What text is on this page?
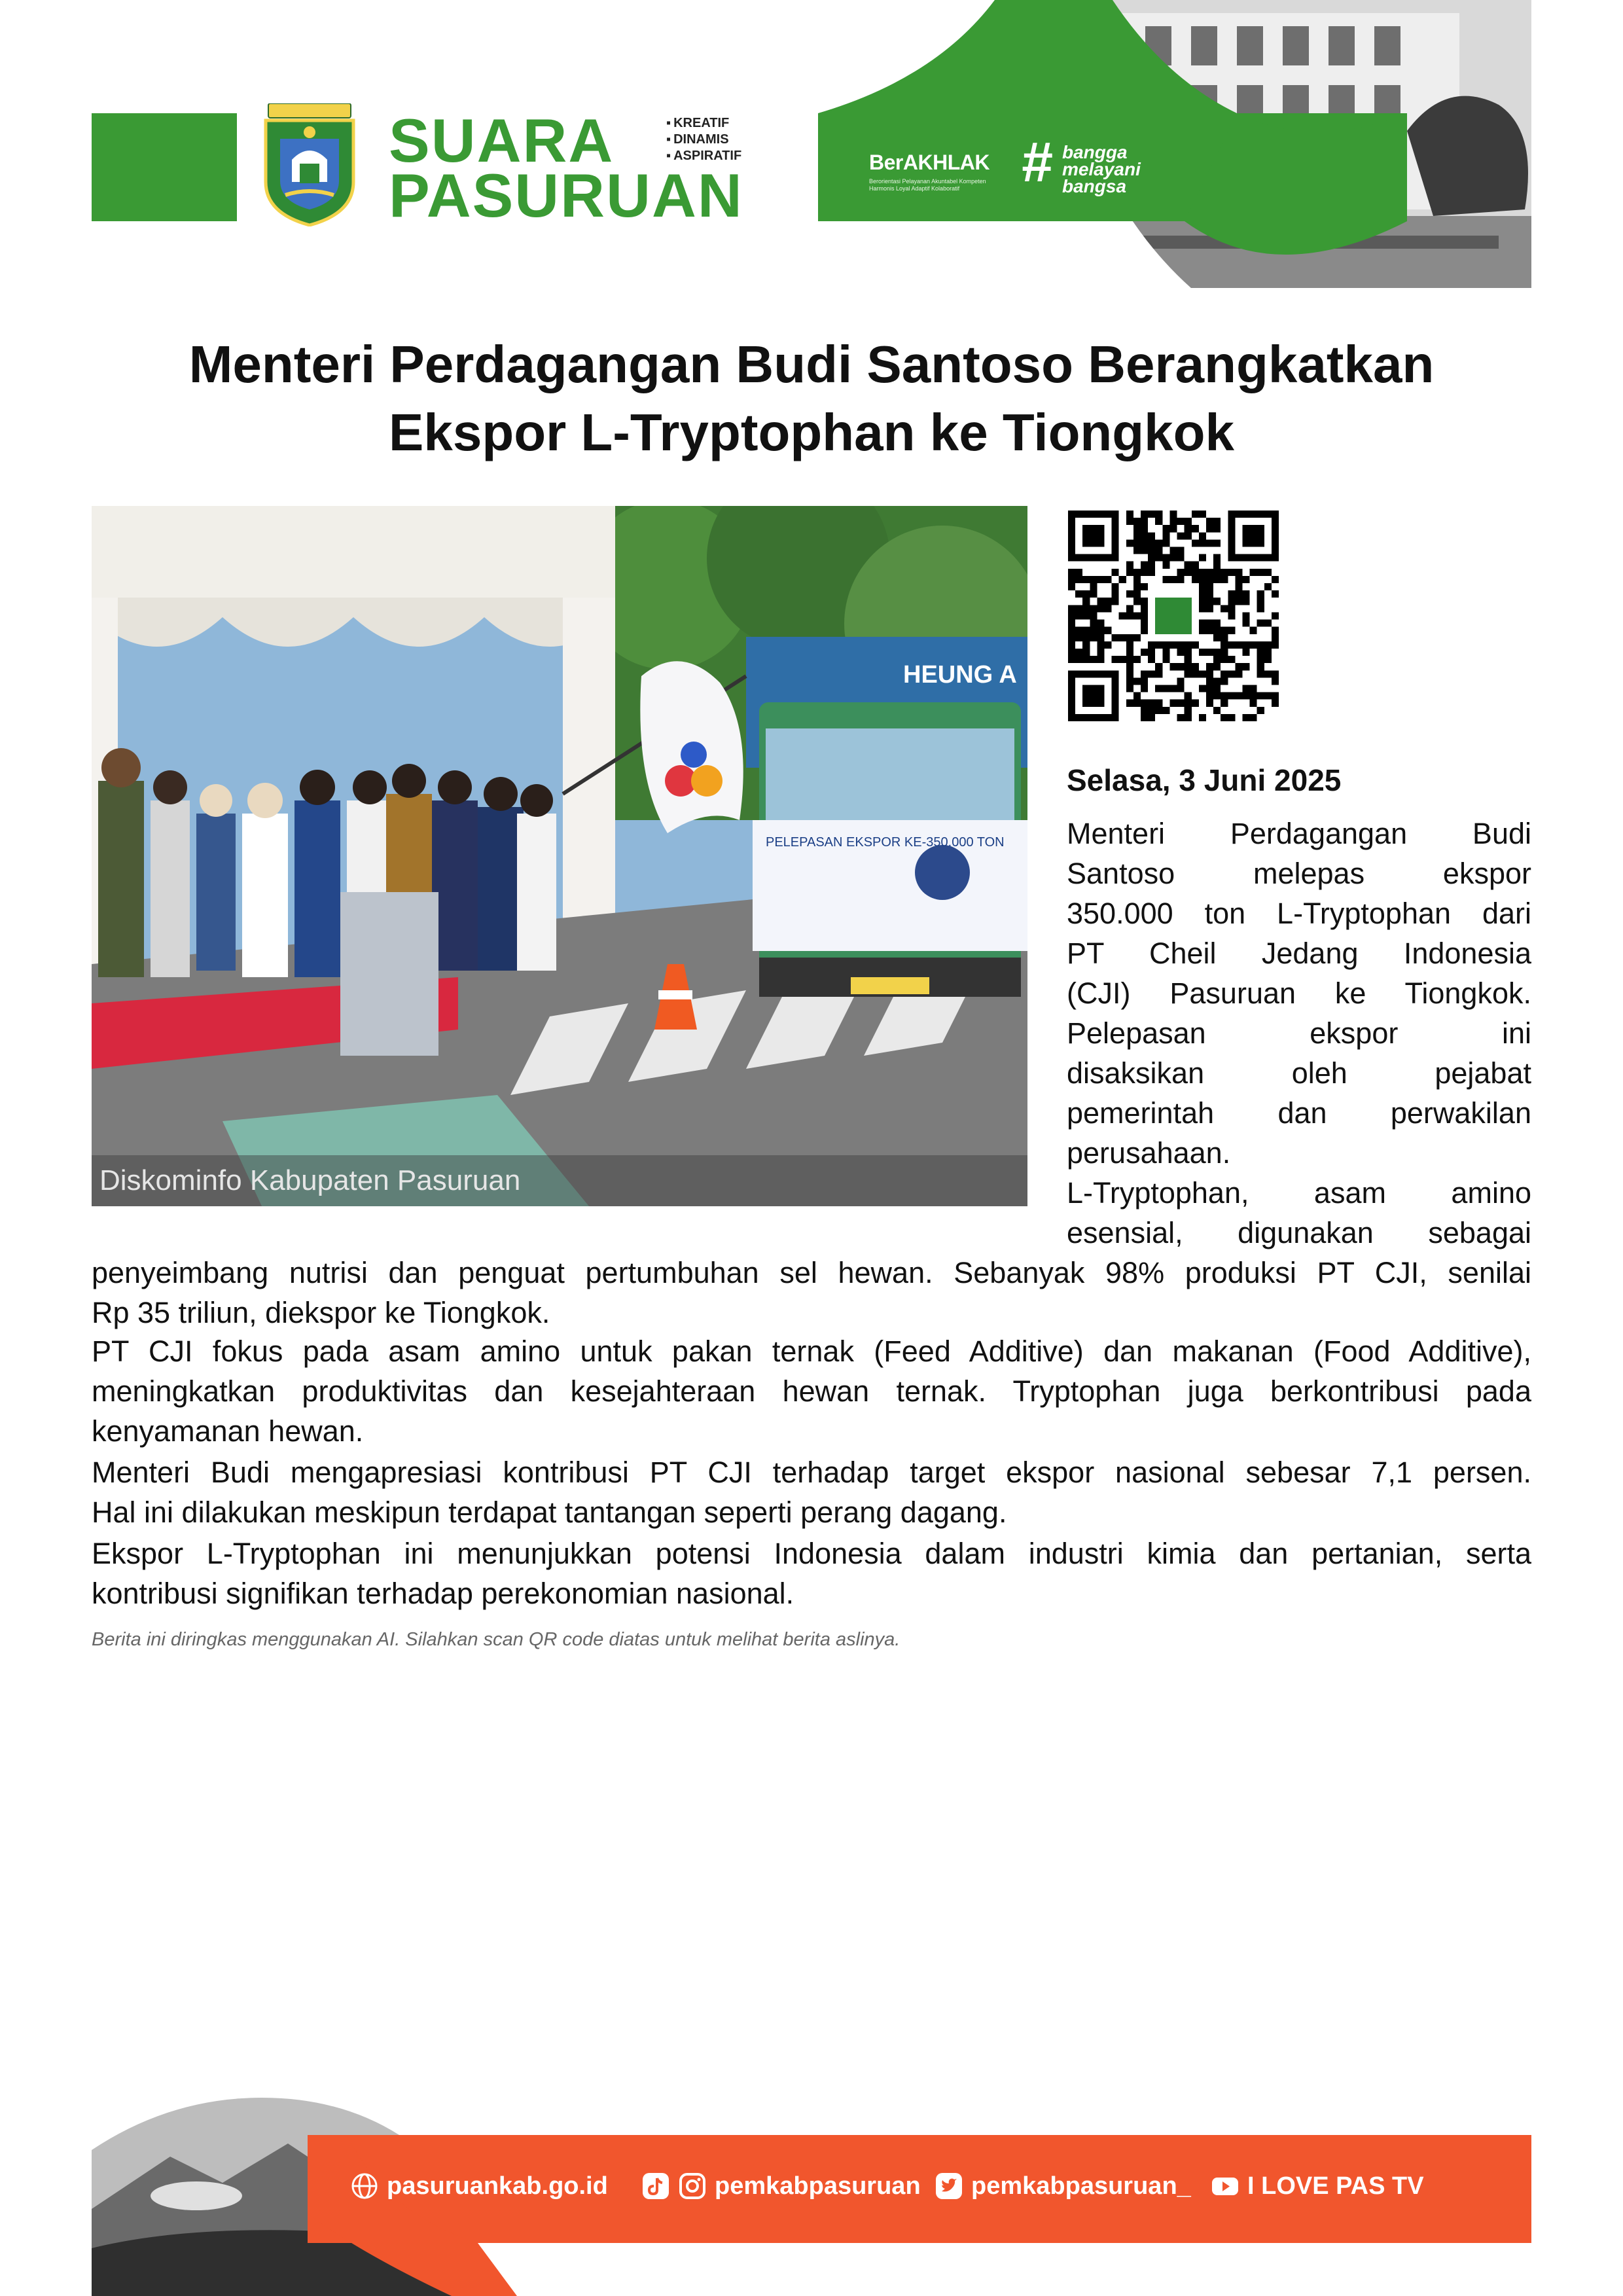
SUARA
PASURUAN
▪ KREATIF
▪ DINAMIS
▪ ASPIRATIF	BerAKHLAK
Berorientasi Pelayanan Akuntabel Kompeten Harmonis Loyal Adaptif Kolaboratif	# bangga
melayani
bangsa
Menteri Perdagangan Budi Santoso Berangkatkan
Ekspor L-Tryptophan ke Tiongkok
PELEPASAN EKSPOR KE-350.000 TON
HEUNG A
Diskominfo Kabupaten Pasuruan
Selasa, 3 Juni 2025
Menteri Perdagangan Budi
Santoso melepas ekspor
350.000 ton L-Tryptophan dari
PT Cheil Jedang Indonesia
(CJI) Pasuruan ke Tiongkok.
Pelepasan ekspor ini
disaksikan oleh pejabat
pemerintah dan perwakilan
perusahaan.
L-Tryptophan, asam amino
esensial, digunakan sebagai
penyeimbang nutrisi dan penguat pertumbuhan sel hewan. Sebanyak 98% produksi PT CJI, senilai
Rp 35 triliun, diekspor ke Tiongkok.
PT CJI fokus pada asam amino untuk pakan ternak (Feed Additive) dan makanan (Food Additive),
meningkatkan produktivitas dan kesejahteraan hewan ternak. Tryptophan juga berkontribusi pada
kenyamanan hewan.
Menteri Budi mengapresiasi kontribusi PT CJI terhadap target ekspor nasional sebesar 7,1 persen.
Hal ini dilakukan meskipun terdapat tantangan seperti perang dagang.
Ekspor L-Tryptophan ini menunjukkan potensi Indonesia dalam industri kimia dan pertanian, serta
kontribusi signifikan terhadap perekonomian nasional.
Berita ini diringkas menggunakan AI. Silahkan scan QR code diatas untuk melihat berita aslinya.
pasuruankab.go.id	pemkabpasuruan pemkabpasuruan_ I LOVE PAS TV
